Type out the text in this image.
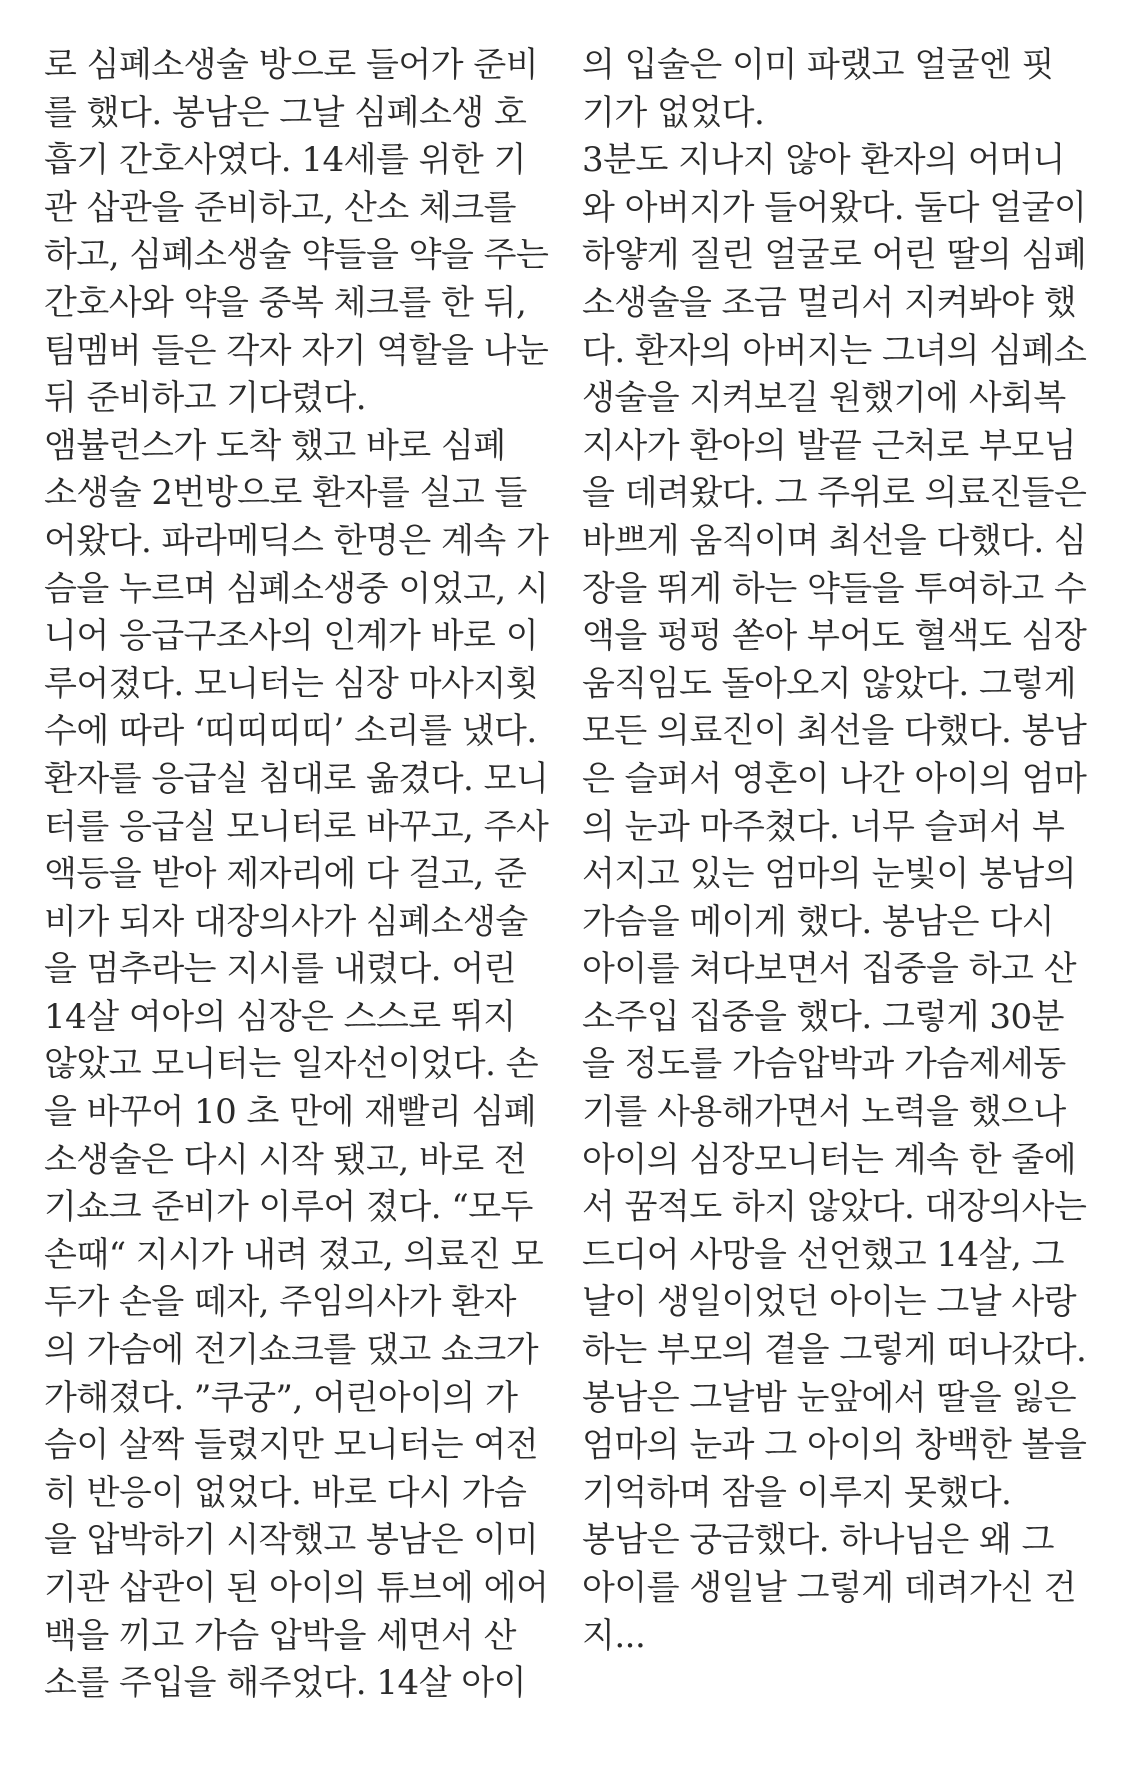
로 심폐소생술 방으로 들어가 준비
를 했다. 봉남은 그날 심폐소생 호
흡기 간호사였다. 14세를 위한 기
관 삽관을 준비하고, 산소 체크를
하고, 심폐소생술 약들을 약을 주는
간호사와 약을 중복 체크를 한 뒤,
팀멤버 들은 각자 자기 역할을 나눈
뒤 준비하고 기다렸다.
앰뷸런스가 도착 했고 바로 심폐
소생술 2번방으로 환자를 실고 들
어왔다. 파라메딕스 한명은 계속 가
슴을 누르며 심폐소생중 이었고, 시
니어 응급구조사의 인계가 바로 이
루어졌다. 모니터는 심장 마사지횟
수에 따라 ‘띠띠띠띠’ 소리를 냈다.
환자를 응급실 침대로 옮겼다. 모니
터를 응급실 모니터로 바꾸고, 주사
액등을 받아 제자리에 다 걸고, 준
비가 되자 대장의사가 심폐소생술
을 멈추라는 지시를 내렸다. 어린
14살 여아의 심장은 스스로 뛰지
않았고 모니터는 일자선이었다. 손
을 바꾸어 10 초 만에 재빨리 심폐
소생술은 다시 시작 됐고, 바로 전
기쇼크 준비가 이루어 졌다. “모두
손때“ 지시가 내려 졌고, 의료진 모
두가 손을 떼자, 주임의사가 환자
의 가슴에 전기쇼크를 댔고 쇼크가
가해졌다. ”쿠궁”, 어린아이의 가
슴이 살짝 들렸지만 모니터는 여전
히 반응이 없었다. 바로 다시 가슴
을 압박하기 시작했고 봉남은 이미
기관 삽관이 된 아이의 튜브에 에어
백을 끼고 가슴 압박을 세면서 산
소를 주입을 해주었다. 14살 아이
의 입술은 이미 파랬고 얼굴엔 핏
기가 없었다.
3분도 지나지 않아 환자의 어머니
와 아버지가 들어왔다. 둘다 얼굴이
하얗게 질린 얼굴로 어린 딸의 심폐
소생술을 조금 멀리서 지켜봐야 했
다. 환자의 아버지는 그녀의 심폐소
생술을 지켜보길 원했기에 사회복
지사가 환아의 발끝 근처로 부모님
을 데려왔다. 그 주위로 의료진들은
바쁘게 움직이며 최선을 다했다. 심
장을 뛰게 하는 약들을 투여하고 수
액을 펑펑 쏟아 부어도 혈색도 심장
움직임도 돌아오지 않았다. 그렇게
모든 의료진이 최선을 다했다. 봉남
은 슬퍼서 영혼이 나간 아이의 엄마
의 눈과 마주쳤다. 너무 슬퍼서 부
서지고 있는 엄마의 눈빛이 봉남의
가슴을 메이게 했다. 봉남은 다시
아이를 쳐다보면서 집중을 하고 산
소주입 집중을 했다. 그렇게 30분
을 정도를 가슴압박과 가슴제세동
기를 사용해가면서 노력을 했으나
아이의 심장모니터는 계속 한 줄에
서 꿈적도 하지 않았다. 대장의사는
드디어 사망을 선언했고 14살, 그
날이 생일이었던 아이는 그날 사랑
하는 부모의 곁을 그렇게 떠나갔다.
봉남은 그날밤 눈앞에서 딸을 잃은
엄마의 눈과 그 아이의 창백한 볼을
기억하며 잠을 이루지 못했다.
봉남은 궁금했다. 하나님은 왜 그
아이를 생일날 그렇게 데려가신 건
지...
